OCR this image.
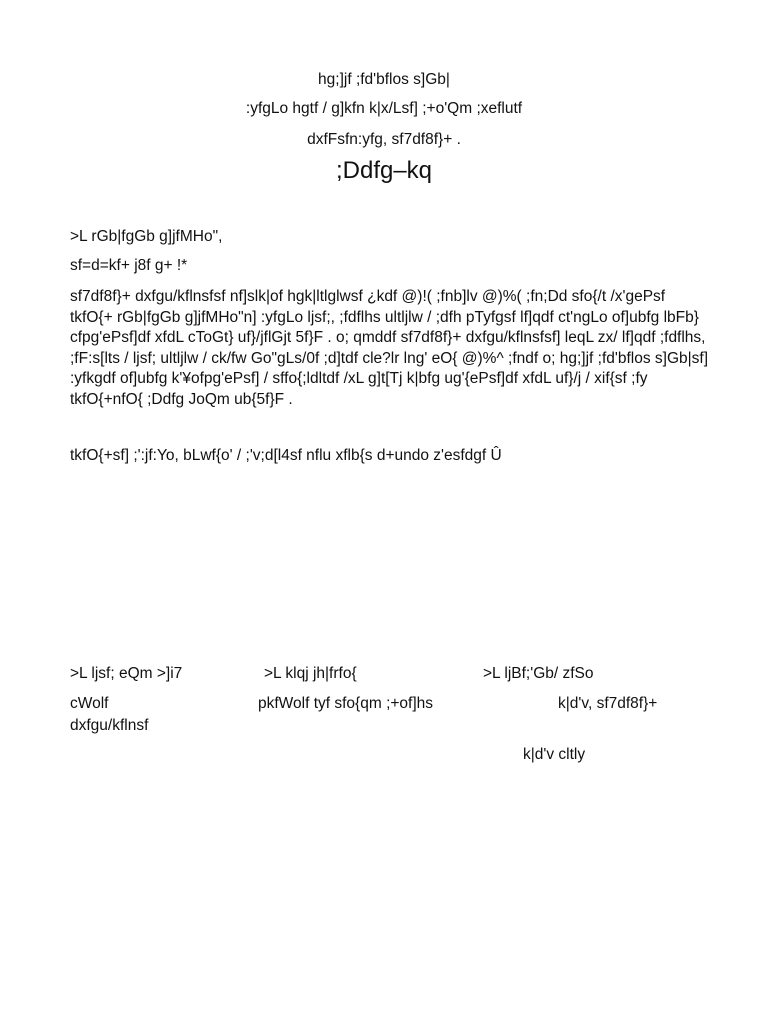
hg;]jf ;fd'bflos s]Gb|
:yfgLo hgtf / g]kfn k|x/Lsf] ;+o'Qm ;xeflutf
dxfFsfn:yfg, sf7df8f}+ .
;Ddfg–kq
>L rGb|fgGb g]jfMHo",
sf=d=kf+ j8f g+ !*
sf7df8f}+ dxfgu/kflnsfsf nf]slk|of hgk|ltlglwsf ¿kdf @)!( ;fnb]lv @)%( ;fn;Dd sfo{/t /x'gePsf tkfO{+ rGb|fgGb g]jfMHo"n] :yfgLo ljsf;, ;fdflhs ultljlw / ;dfh pTyfgsf lf]qdf ct'ngLo of]ubfg lbFb} cfpg'ePsf]df xfdL cToGt} uf}/jflGjt 5f}F . o; qmddf sf7df8f}+ dxfgu/kflnsfsf] leqL zx/ lf]qdf ;fdflhs, ;fF:s[lts / ljsf; ultljlw / ck/fw Go"gLs/0f ;d]tdf cle?lr lng' eO{ @)%^ ;fndf o; hg;]jf ;fd'bflos s]Gb|sf] :yfkgdf of]ubfg k'¥ofpg'ePsf] / sffo{;ldltdf /xL g]t[Tj k|bfg ug'{ePsf]df xfdL uf}/j / xif{sf ;fy tkfO{+nfO{ ;Ddfg JoQm ub{5f}F .
tkfO{+sf] ;':jf:Yo, bLwf{o' / ;'v;d[l4sf nflu xflb{s d+undo z'esfdgf Û
>L ljsf; eQm >]i7
cWolf
>L klqj jh|frfo{
pkfWolf tyf sfo{qm ;+of]hs
>L ljBf;'Gb/ zfSo
k|d'v, sf7df8f}+
dxfgu/kflnsf
k|d'v cltly
